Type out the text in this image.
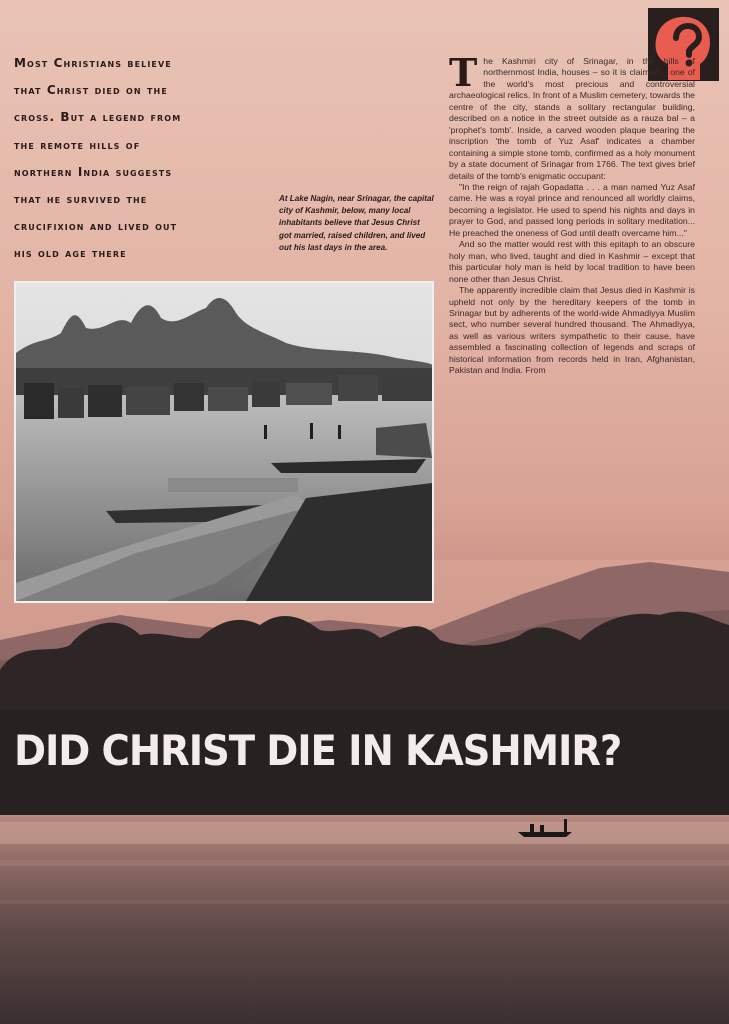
Most Christians believe
that Christ died on the
cross. But a legend from
the remote hills of
northern India suggests
that he survived the
crucifixion and lived out
his old age there
At Lake Nagin, near Srinagar, the capital city of Kashmir, below, many local inhabitants believe that Jesus Christ got married, raised children, and lived out his last days in the area.

The Kashmiri city of Srinagar, in the hills of northernmost India, houses – so it is claimed – one of the world's most precious and controversial archaeological relics. In front of a Muslim cemetery, towards the centre of the city, stands a solitary rectangular building, described on a notice in the street outside as a rauza bal – a 'prophet's tomb'. Inside, a carved wooden plaque bearing the inscription 'the tomb of Yuz Asaf' indicates a chamber containing a simple stone tomb, confirmed as a holy monument by a state document of Srinagar from 1766. The text gives brief details of the tomb's enigmatic occupant:

"In the reign of rajah Gopadatta . . . a man named Yuz Asaf came. He was a royal prince and renounced all worldly claims, becoming a legislator. He used to spend his nights and days in prayer to God, and passed long periods in solitary meditation... He preached the oneness of God until death overcame him..."

And so the matter would rest with this epitaph to an obscure holy man, who lived, taught and died in Kashmir – except that this particular holy man is held by local tradition to have been none other than Jesus Christ.

The apparently incredible claim that Jesus died in Kashmir is upheld not only by the hereditary keepers of the tomb in Srinagar but by adherents of the world-wide Ahmadiyya Muslim sect, who number several hundred thousand. The Ahmadiyya, as well as various writers sympathetic to their cause, have assembled a fascinating collection of legends and scraps of historical information from records held in Iran, Afghanistan, Pakistan and India. From

DID CHRIST DIE IN KASHMIR?
